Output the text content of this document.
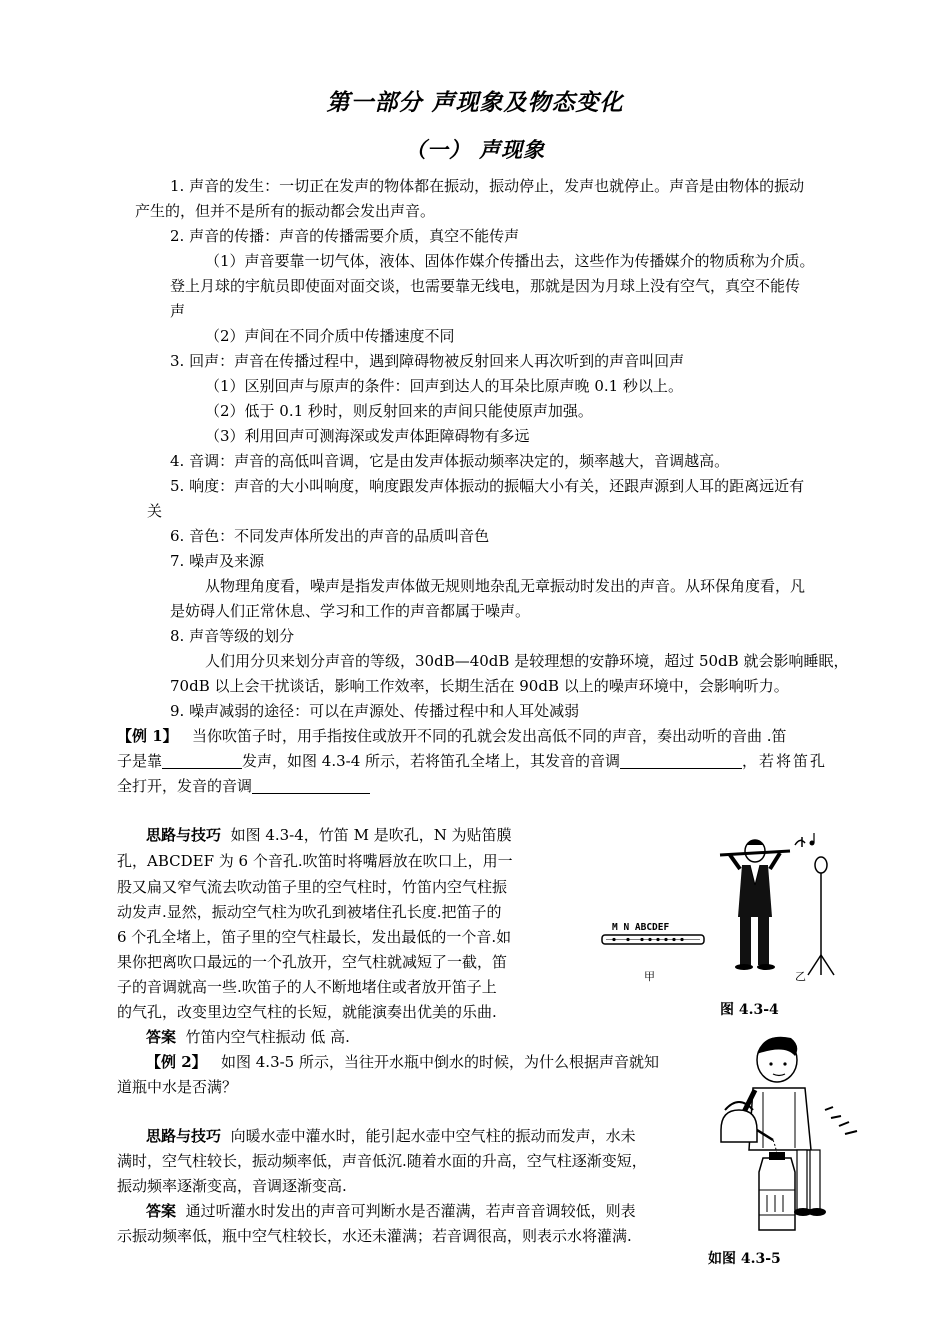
第一部分 声现象及物态变化
（一） 声现象
1. 声音的发生：一切正在发声的物体都在振动，振动停止，发声也就停止。声音是由物体的振动
产生的，但并不是所有的振动都会发出声音。
2. 声音的传播：声音的传播需要介质，真空不能传声
（1）声音要靠一切气体，液体、固体作媒介传播出去，这些作为传播媒介的物质称为介质。
登上月球的宇航员即使面对面交谈，也需要靠无线电，那就是因为月球上没有空气，真空不能传
声
（2）声间在不同介质中传播速度不同
3. 回声：声音在传播过程中，遇到障碍物被反射回来人再次听到的声音叫回声
（1）区别回声与原声的条件：回声到达人的耳朵比原声晚 0.1 秒以上。
（2）低于 0.1 秒时，则反射回来的声间只能使原声加强。
（3）利用回声可测海深或发声体距障碍物有多远
4. 音调：声音的高低叫音调，它是由发声体振动频率决定的，频率越大，音调越高。
5. 响度：声音的大小叫响度，响度跟发声体振动的振幅大小有关，还跟声源到人耳的距离远近有
关
6. 音色：不同发声体所发出的声音的品质叫音色
7. 噪声及来源
从物理角度看，噪声是指发声体做无规则地杂乱无章振动时发出的声音。从环保角度看，凡
是妨碍人们正常休息、学习和工作的声音都属于噪声。
8. 声音等级的划分
人们用分贝来划分声音的等级，30dB—40dB 是较理想的安静环境，超过 50dB 就会影响睡眠，
70dB 以上会干扰谈话，影响工作效率，长期生活在 90dB 以上的噪声环境中，会影响听力。
9. 噪声减弱的途径：可以在声源处、传播过程中和人耳处减弱
【例 1】 当你吹笛子时，用手指按住或放开不同的孔就会发出高低不同的声音，奏出动听的音曲 .笛
子是靠	发声，如图 4.3-4 所示，若将笛孔全堵上，其发音的音调	，若将笛孔
全打开，发音的音调
思路与技巧 如图 4.3-4，竹笛 M 是吹孔，N 为贴笛膜
孔，ABCDEF 为 6 个音孔.吹笛时将嘴唇放在吹口上，用一
股又扁又窄气流去吹动笛子里的空气柱时，竹笛内空气柱振
动发声.显然，振动空气柱为吹孔到被堵住孔长度.把笛子的
6 个孔全堵上，笛子里的空气柱最长，发出最低的一个音.如
果你把离吹口最远的一个孔放开，空气柱就减短了一截，笛
子的音调就高一些.吹笛子的人不断地堵住或者放开笛子上
的气孔，改变里边空气柱的长短，就能演奏出优美的乐曲.
答案 竹笛内空气柱振动 低 高.
【例 2】 如图 4.3-5 所示，当往开水瓶中倒水的时候，为什么根据声音就知
道瓶中水是否满？
思路与技巧 向暖水壶中灌水时，能引起水壶中空气柱的振动而发声，水未
满时，空气柱较长，振动频率低，声音低沉.随着水面的升高，空气柱逐渐变短，
振动频率逐渐变高，音调逐渐变高.
答案 通过听灌水时发出的声音可判断水是否灌满，若声音音调较低，则表
示振动频率低，瓶中空气柱较长，水还未灌满；若音调很高，则表示水将灌满.
M N ABCDEF
甲	乙
图 4.3-4
如图 4.3-5
